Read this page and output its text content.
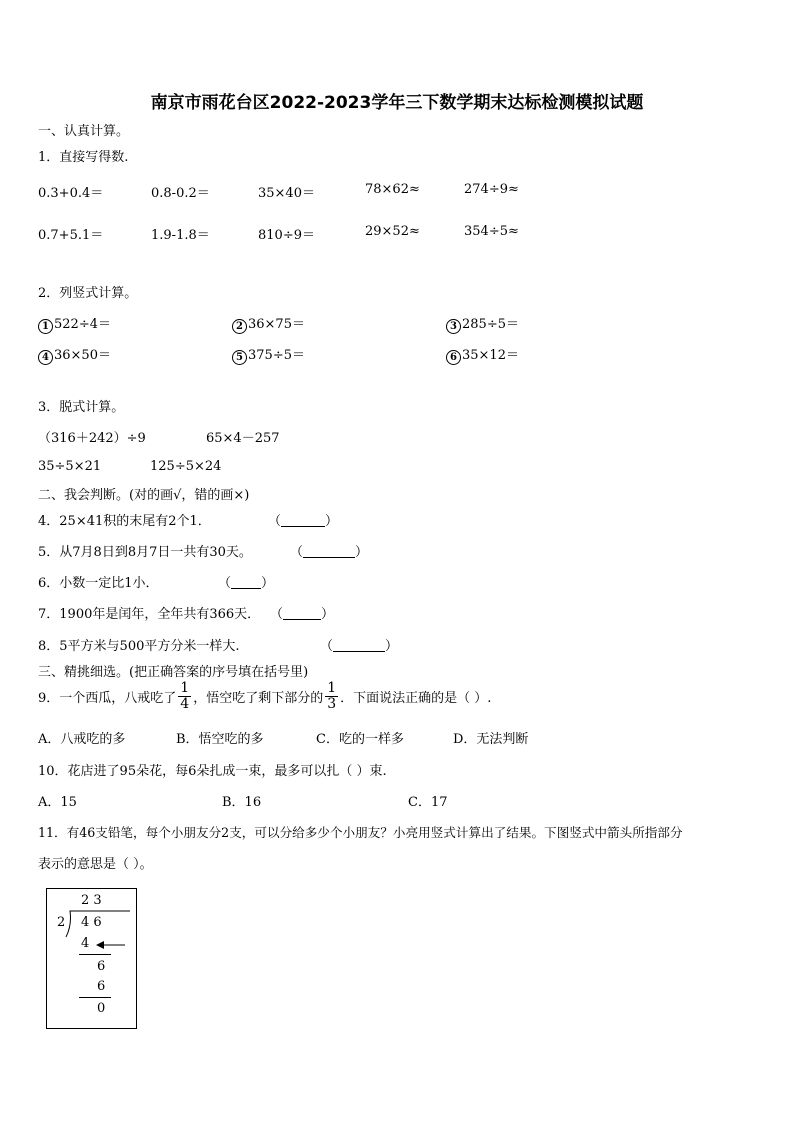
南京市雨花台区2022-2023学年三下数学期末达标检测模拟试题
一、认真计算。
1．直接写得数.
0.3+0.4＝	0.8-0.2＝	35×40＝	78×62≈	274÷9≈
0.7+5.1＝	1.9-1.8＝	810÷9＝	29×52≈	354÷5≈
2．列竖式计算。
1 522÷4＝	2 36×75＝	3 285÷5＝
4 36×50＝	5 375÷5＝	6 35×12＝
3．脱式计算。
（316＋242）÷9	65×4－257
35÷5×21	125÷5×24
二、我会判断。(对的画√，错的画×)
4．25×41积的末尾有2个1．	（	）
5．从7月8日到8月7日一共有30天。	（	）
6．小数一定比1小．	（ ）
7．1900年是闰年，全年共有366天． （	）
8．5平方米与500平方分米一样大.	（	）
三、精挑细选。(把正确答案的序号填在括号里)
9．一个西瓜，八戒吃了 $\frac{1}{4}$ ，悟空吃了剩下部分的 $\frac{1}{3}$ ．下面说法正确的是（ ）.
A．八戒吃的多	B．悟空吃的多	C．吃的一样多	D．无法判断
10．花店进了95朵花，每6朵扎成一束，最多可以扎（ ）束.
A．15	B．16	C．17
11．有46支铅笔，每个小朋友分2支，可以分给多少个小朋友？小亮用竖式计算出了结果。下图竖式中箭头所指部分
表示的意思是（ ）。
2 3
2 4 6
4
6
6
0
